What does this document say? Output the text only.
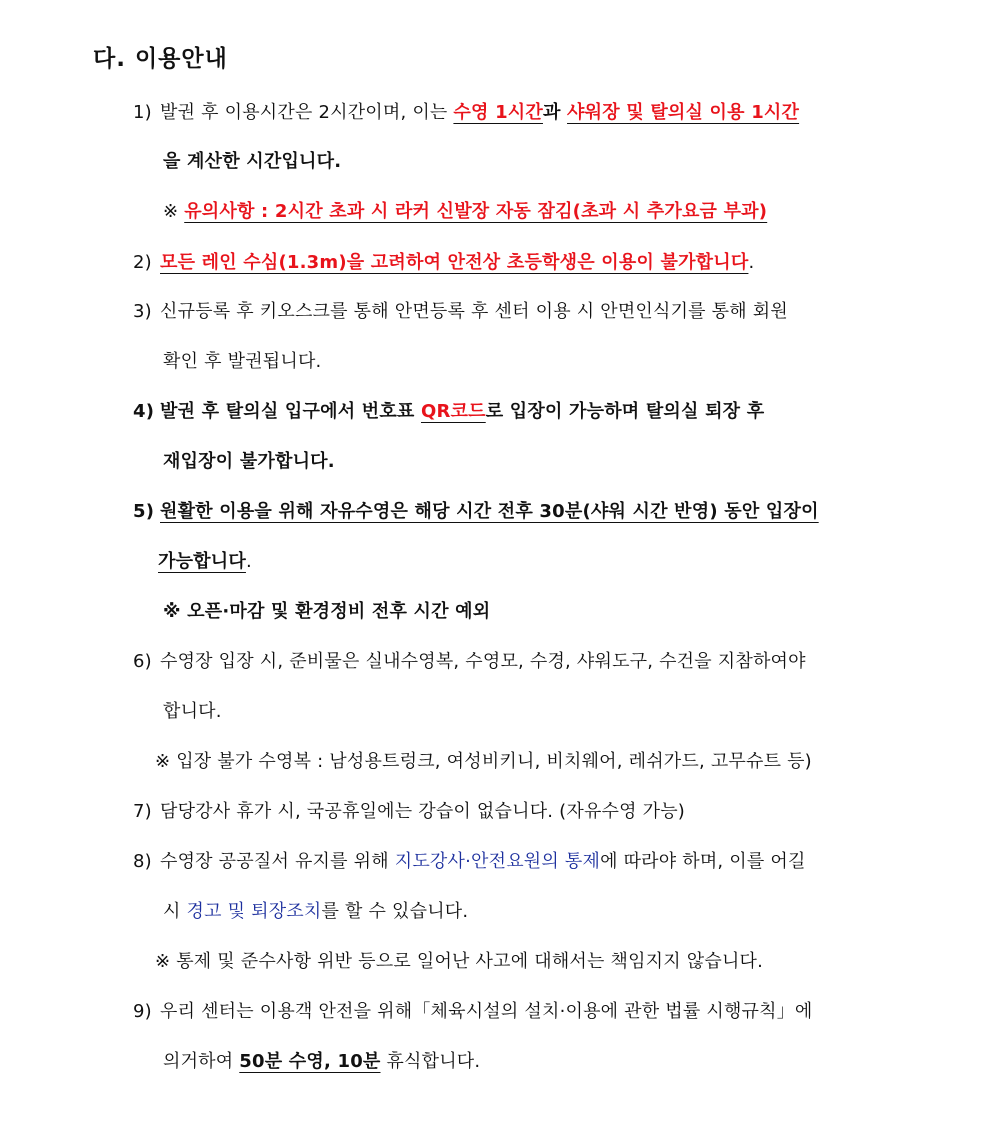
다. 이용안내
1) 발권 후 이용시간은 2시간이며, 이는 수영 1시간과 샤워장 및 탈의실 이용 1시간
을 계산한 시간입니다.
※ 유의사항 : 2시간 초과 시 라커 신발장 자동 잠김(초과 시 추가요금 부과)
2) 모든 레인 수심(1.3m)을 고려하여 안전상 초등학생은 이용이 불가합니다.
3) 신규등록 후 키오스크를 통해 안면등록 후 센터 이용 시 안면인식기를 통해 회원
확인 후 발권됩니다.
4) 발권 후 탈의실 입구에서 번호표 QR코드로 입장이 가능하며 탈의실 퇴장 후
재입장이 불가합니다.
5) 원활한 이용을 위해 자유수영은 해당 시간 전후 30분(샤워 시간 반영) 동안 입장이
가능합니다.
※ 오픈·마감 및 환경정비 전후 시간 예외
6) 수영장 입장 시, 준비물은 실내수영복, 수영모, 수경, 샤워도구, 수건을 지참하여야
합니다.
※ 입장 불가 수영복 : 남성용트렁크, 여성비키니, 비치웨어, 레쉬가드, 고무슈트 등)
7) 담당강사 휴가 시, 국공휴일에는 강습이 없습니다. (자유수영 가능)
8) 수영장 공공질서 유지를 위해 지도강사·안전요원의 통제에 따라야 하며, 이를 어길
시 경고 및 퇴장조치를 할 수 있습니다.
※ 통제 및 준수사항 위반 등으로 일어난 사고에 대해서는 책임지지 않습니다.
9) 우리 센터는 이용객 안전을 위해「체육시설의 설치·이용에 관한 법률 시행규칙」에
의거하여 50분 수영, 10분 휴식합니다.
